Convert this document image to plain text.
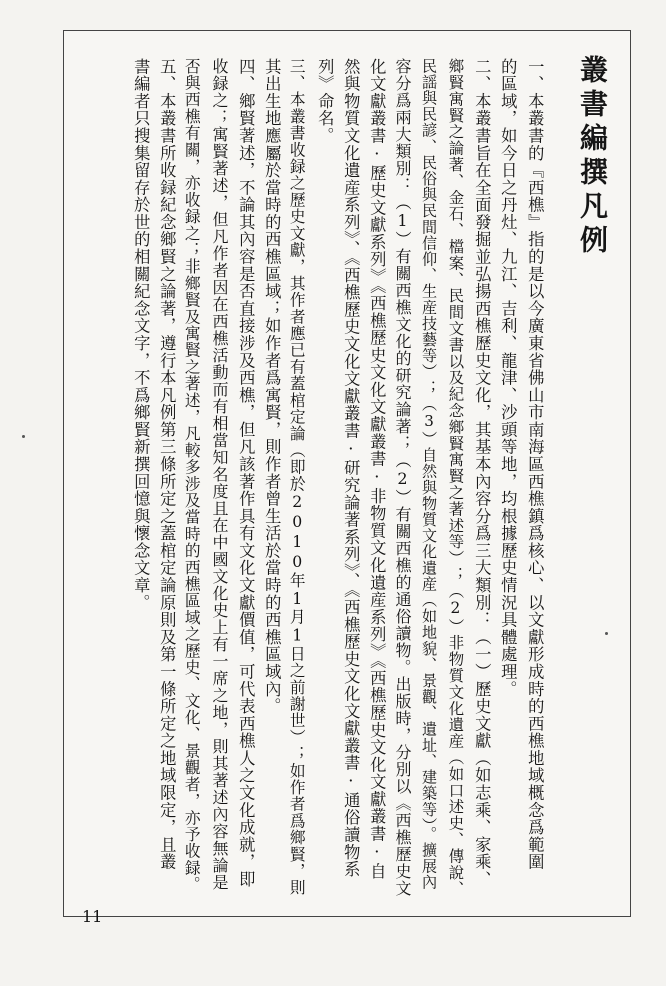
叢書編撰凡例
一、本叢書的『西樵』指的是以今廣東省佛山市南海區西樵鎮爲核心、以文獻形成時的西樵地域概念爲範圍
的區域，如今日之丹灶、九江、吉利、龍津、沙頭等地，均根據歷史情況具體處理。
二、本叢書旨在全面發掘並弘揚西樵歷史文化，其基本內容分爲三大類別：（一）歷史文獻（如志乘、家乘、
鄉賢寓賢之論著、金石、檔案、民間文書以及紀念鄉賢寓賢之著述等）；（2）非物質文化遺産（如口述史、傳說、
民謡與民諺、民俗與民間信仰、生産技藝等）；（3）自然與物質文化遺産（如地貌、景觀、遺址、建築等）。擴展內
容分爲兩大類別：（1）有關西樵文化的研究論著；（2）有關西樵的通俗讀物。出版時，分別以《西樵歷史文
化文獻叢書·歷史文獻系列》《西樵歷史文化文獻叢書·非物質文化遺産系列》《西樵歷史文化文獻叢書·自
然與物質文化遺産系列》、《西樵歷史文化文獻叢書·研究論著系列》、《西樵歷史文化文獻叢書·通俗讀物系
列》命名。
三、本叢書收録之歷史文獻，其作者應已有蓋棺定論（即於2010年1月1日之前謝世）；如作者爲鄉賢，則
其出生地應屬於當時的西樵區域；如作者爲寓賢，則作者曾生活於當時的西樵區域內。
四、鄉賢著述，不論其內容是否直接涉及西樵，但凡該著作具有文化文獻價值，可代表西樵人之文化成就，即
收録之；寓賢著述，但凡作者因在西樵活動而有相當知名度且在中國文化史上有一席之地，則其著述內容無論是
否與西樵有關，亦收録之；非鄉賢及寓賢之著述，凡較多涉及當時的西樵區域之歷史、文化、景觀者，亦予收録。
五、本叢書所收録紀念鄉賢之論著，遵行本凡例第三條所定之蓋棺定論原則及第一條所定之地域限定，且叢
書編者只搜集留存於世的相關紀念文字，不爲鄉賢新撰回憶與懷念文章。
11
